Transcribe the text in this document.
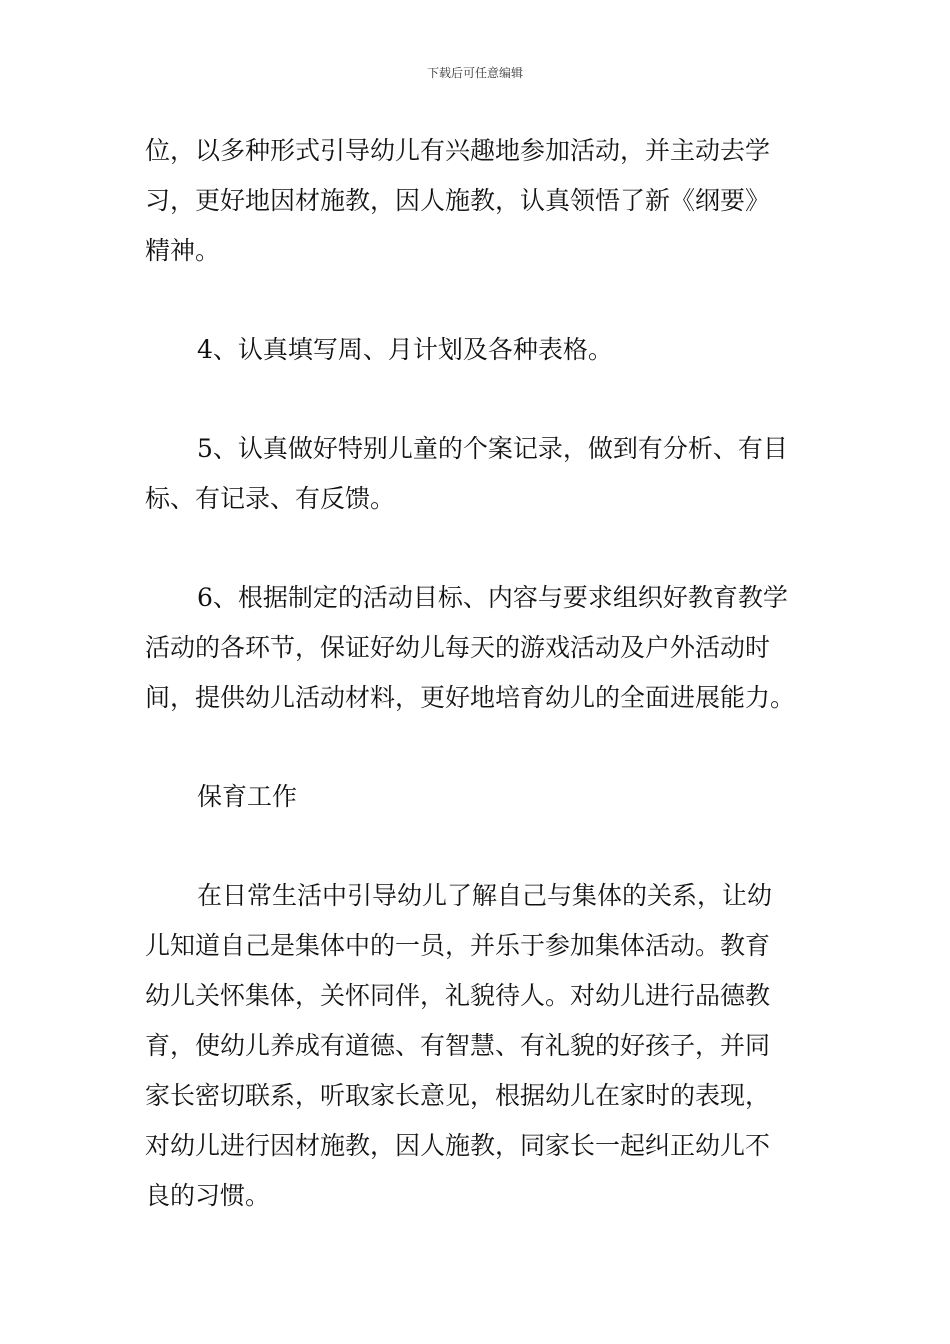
下载后可任意编辑
位，以多种形式引导幼儿有兴趣地参加活动，并主动去学
习，更好地因材施教，因人施教，认真领悟了新《纲要》
精神。
4、认真填写周、月计划及各种表格。
5、认真做好特别儿童的个案记录，做到有分析、有目
标、有记录、有反馈。
6、根据制定的活动目标、内容与要求组织好教育教学
活动的各环节，保证好幼儿每天的游戏活动及户外活动时
间，提供幼儿活动材料，更好地培育幼儿的全面进展能力。
保育工作
在日常生活中引导幼儿了解自己与集体的关系，让幼
儿知道自己是集体中的一员，并乐于参加集体活动。教育
幼儿关怀集体，关怀同伴，礼貌待人。对幼儿进行品德教
育，使幼儿养成有道德、有智慧、有礼貌的好孩子，并同
家长密切联系，听取家长意见，根据幼儿在家时的表现，
对幼儿进行因材施教，因人施教，同家长一起纠正幼儿不
良的习惯。
